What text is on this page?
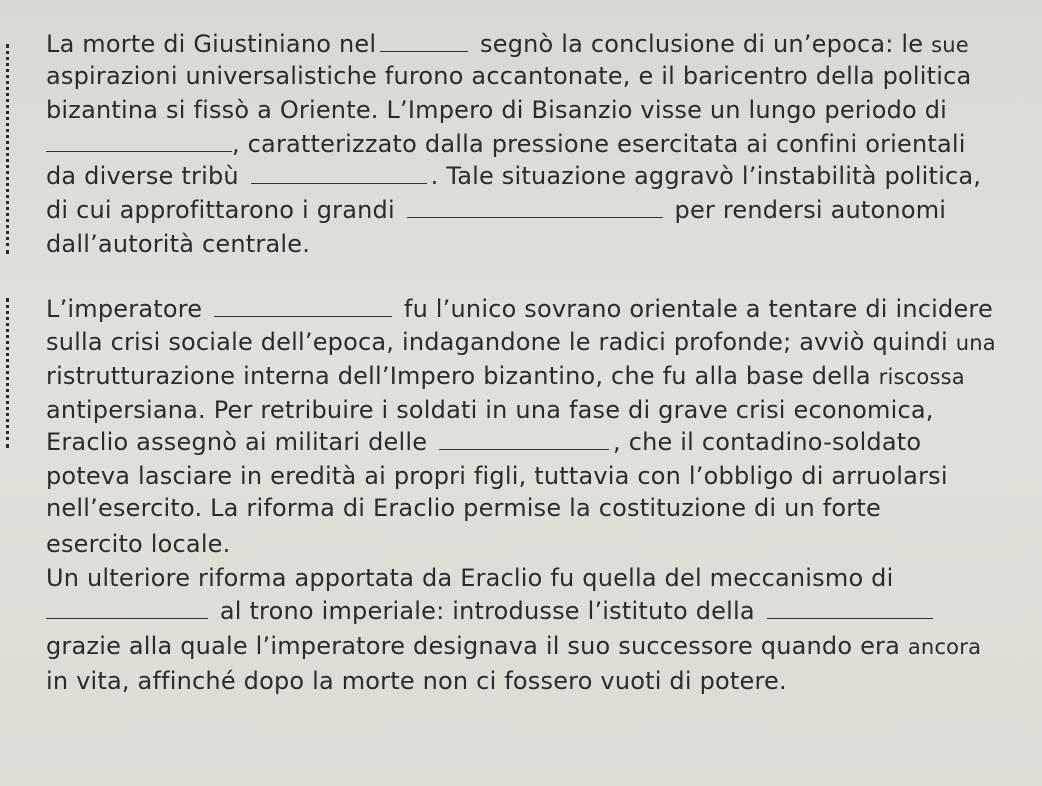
La morte di Giustiniano nel	segnò la conclusione di un’epoca: le sue
aspirazioni universalistiche furono accantonate, e il baricentro della politica
bizantina si fissò a Oriente. L’Impero di Bisanzio visse un lungo periodo di
, caratterizzato dalla pressione esercitata ai confini orientali
da diverse tribù	. Tale situazione aggravò l’instabilità politica,
di cui approfittarono i grandi	per rendersi autonomi
dall’autorità centrale.
L’imperatore	fu l’unico sovrano orientale a tentare di incidere
sulla crisi sociale dell’epoca, indagandone le radici profonde; avviò quindi una
ristrutturazione interna dell’Impero bizantino, che fu alla base della riscossa
antipersiana. Per retribuire i soldati in una fase di grave crisi economica,
Eraclio assegnò ai militari delle	, che il contadino-soldato
poteva lasciare in eredità ai propri figli, tuttavia con l’obbligo di arruolarsi
nell’esercito. La riforma di Eraclio permise la costituzione di un forte
esercito locale.
Un ulteriore riforma apportata da Eraclio fu quella del meccanismo di
al trono imperiale: introdusse l’istituto della
grazie alla quale l’imperatore designava il suo successore quando era ancora
in vita, affinché dopo la morte non ci fossero vuoti di potere.
